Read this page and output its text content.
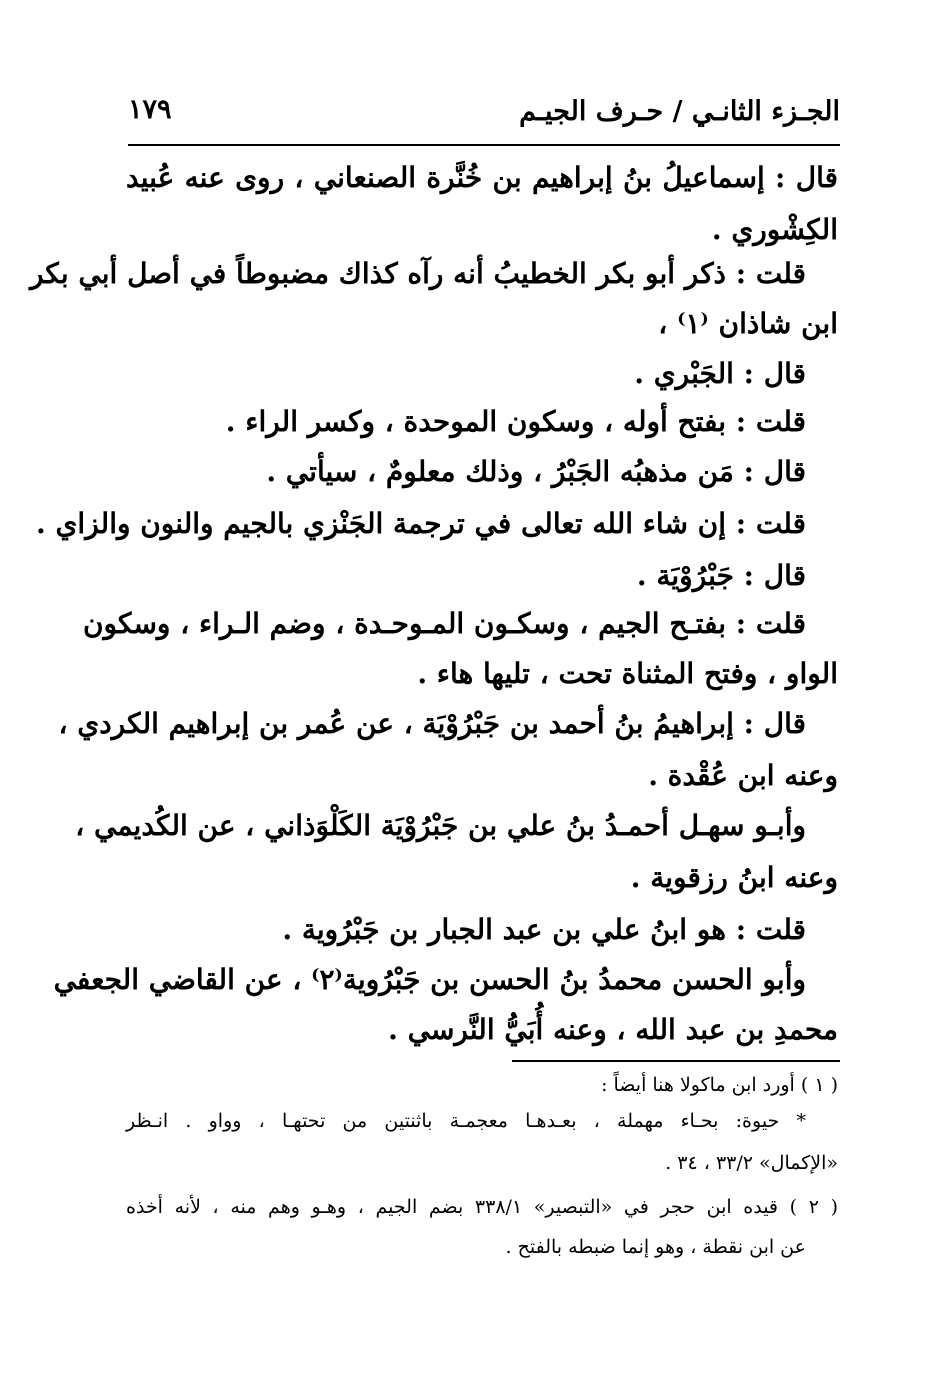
الجـزء الثانـي / حـرف الجيـم
١٧٩
قال : إسماعيلُ بنُ إبراهيم بن خُنَّرة الصنعاني ، روى عنه عُبيد
الكِشْوري .
قلت : ذكر أبو بكر الخطيبُ أنه رآه كذاك مضبوطاً في أصل أبي بكر
ابن شاذان ⁽١⁾ ،
قال : الجَبْري .
قلت : بفتح أوله ، وسكون الموحدة ، وكسر الراء .
قال : مَن مذهبُه الجَبْرُ ، وذلك معلومٌ ، سيأتي .
قلت : إن شاء الله تعالى في ترجمة الجَنْزي بالجيم والنون والزاي .
قال : جَبْرُوْيَة .
قلت : بفتـح الجيم ، وسكـون المـوحـدة ، وضم الـراء ، وسكون
الواو ، وفتح المثناة تحت ، تليها هاء .
قال : إبراهيمُ بنُ أحمد بن جَبْرُوْيَة ، عن عُمر بن إبراهيم الكردي ،
وعنه ابن عُقْدة .
وأبـو سهـل أحمـدُ بنُ علي بن جَبْرُوْيَة الكَلْوَذاني ، عن الكُديمي ،
وعنه ابنُ رزقوية .
قلت : هو ابنُ علي بن عبد الجبار بن جَبْرُوية .
وأبو الحسن محمدُ بنُ الحسن بن جَبْرُوية⁽٢⁾ ، عن القاضي الجعفي
محمدِ بن عبد الله ، وعنه أُبَيُّ النَّرسي .
( ١ ) أورد ابن ماكولا هنا أيضاً :
* حيوة: بحـاء مهملة ، بعـدهـا معجمـة باثنتين من تحتهـا ، وواو . انـظر
«الإكمال» ٣٣/٢ ، ٣٤ .
( ٢ ) قيده ابن حجر في «التبصير» ٣٣٨/١ بضم الجيم ، وهـو وهم منه ، لأنه أخذه
عن ابن نقطة ، وهو إنما ضبطه بالفتح .
